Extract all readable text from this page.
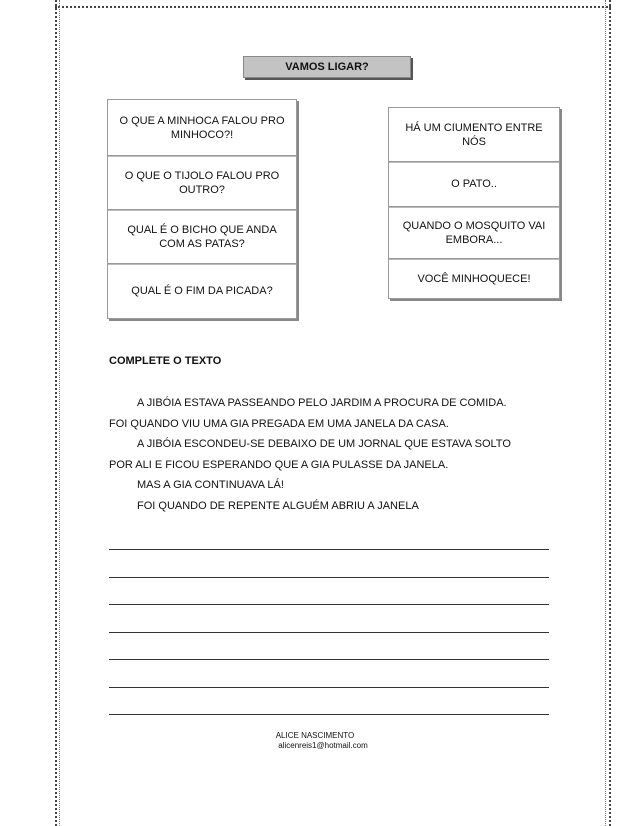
VAMOS LIGAR?
O QUE A MINHOCA FALOU PRO MINHOCO?!
O QUE O TIJOLO FALOU PRO OUTRO?
QUAL É O BICHO QUE ANDA COM AS PATAS?
QUAL É O FIM DA PICADA?
HÁ UM CIUMENTO ENTRE NÓS
O PATO..
QUANDO O MOSQUITO VAI EMBORA...
VOCÊ MINHOQUECE!
COMPLETE O TEXTO

A JIBÓIA ESTAVA PASSEANDO PELO JARDIM A PROCURA DE COMIDA.

FOI QUANDO VIU UMA GIA PREGADA EM UMA JANELA DA CASA.

A JIBÓIA ESCONDEU-SE DEBAIXO DE UM JORNAL QUE ESTAVA SOLTO

POR ALI E FICOU ESPERANDO QUE A GIA PULASSE DA JANELA.

MAS A GIA CONTINUAVA LÁ!

FOI QUANDO DE REPENTE ALGUÉM ABRIU A JANELA

ALICE NASCIMENTO
alicenreis1@hotmail.com
